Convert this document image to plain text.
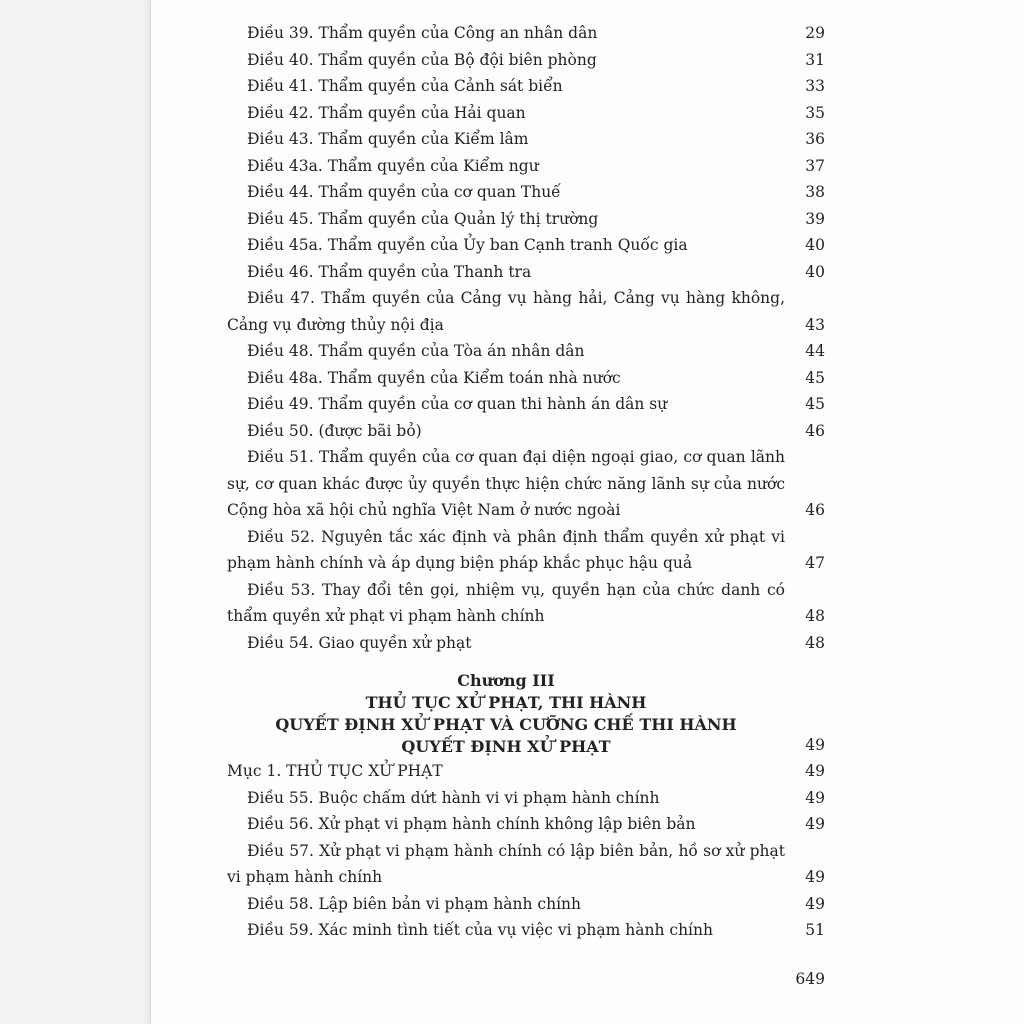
Điều 39. Thẩm quyền của Công an nhân dân	29
Điều 40. Thẩm quyền của Bộ đội biên phòng	31
Điều 41. Thẩm quyền của Cảnh sát biển	33
Điều 42. Thẩm quyền của Hải quan	35
Điều 43. Thẩm quyền của Kiểm lâm	36
Điều 43a. Thẩm quyền của Kiểm ngư	37
Điều 44. Thẩm quyền của cơ quan Thuế	38
Điều 45. Thẩm quyền của Quản lý thị trường	39
Điều 45a. Thẩm quyền của Ủy ban Cạnh tranh Quốc gia	40
Điều 46. Thẩm quyền của Thanh tra	40
Điều 47. Thẩm quyền của Cảng vụ hàng hải, Cảng vụ hàng không, Cảng vụ đường thủy nội địa	43
Điều 48. Thẩm quyền của Tòa án nhân dân	44
Điều 48a. Thẩm quyền của Kiểm toán nhà nước	45
Điều 49. Thẩm quyền của cơ quan thi hành án dân sự	45
Điều 50. (được bãi bỏ)	46
Điều 51. Thẩm quyền của cơ quan đại diện ngoại giao, cơ quan lãnh sự, cơ quan khác được ủy quyền thực hiện chức năng lãnh sự của nước Cộng hòa xã hội chủ nghĩa Việt Nam ở nước ngoài	46
Điều 52. Nguyên tắc xác định và phân định thẩm quyền xử phạt vi phạm hành chính và áp dụng biện pháp khắc phục hậu quả	47
Điều 53. Thay đổi tên gọi, nhiệm vụ, quyền hạn của chức danh có thẩm quyền xử phạt vi phạm hành chính	48
Điều 54. Giao quyền xử phạt	48
Chương III
THỦ TỤC XỬ PHẠT, THI HÀNH
QUYẾT ĐỊNH XỬ PHẠT VÀ CƯỠNG CHẾ THI HÀNH
QUYẾT ĐỊNH XỬ PHẠT	49
Mục 1. THỦ TỤC XỬ PHẠT	49
Điều 55. Buộc chấm dứt hành vi vi phạm hành chính	49
Điều 56. Xử phạt vi phạm hành chính không lập biên bản	49
Điều 57. Xử phạt vi phạm hành chính có lập biên bản, hồ sơ xử phạt vi phạm hành chính	49
Điều 58. Lập biên bản vi phạm hành chính	49
Điều 59. Xác minh tình tiết của vụ việc vi phạm hành chính	51
649
